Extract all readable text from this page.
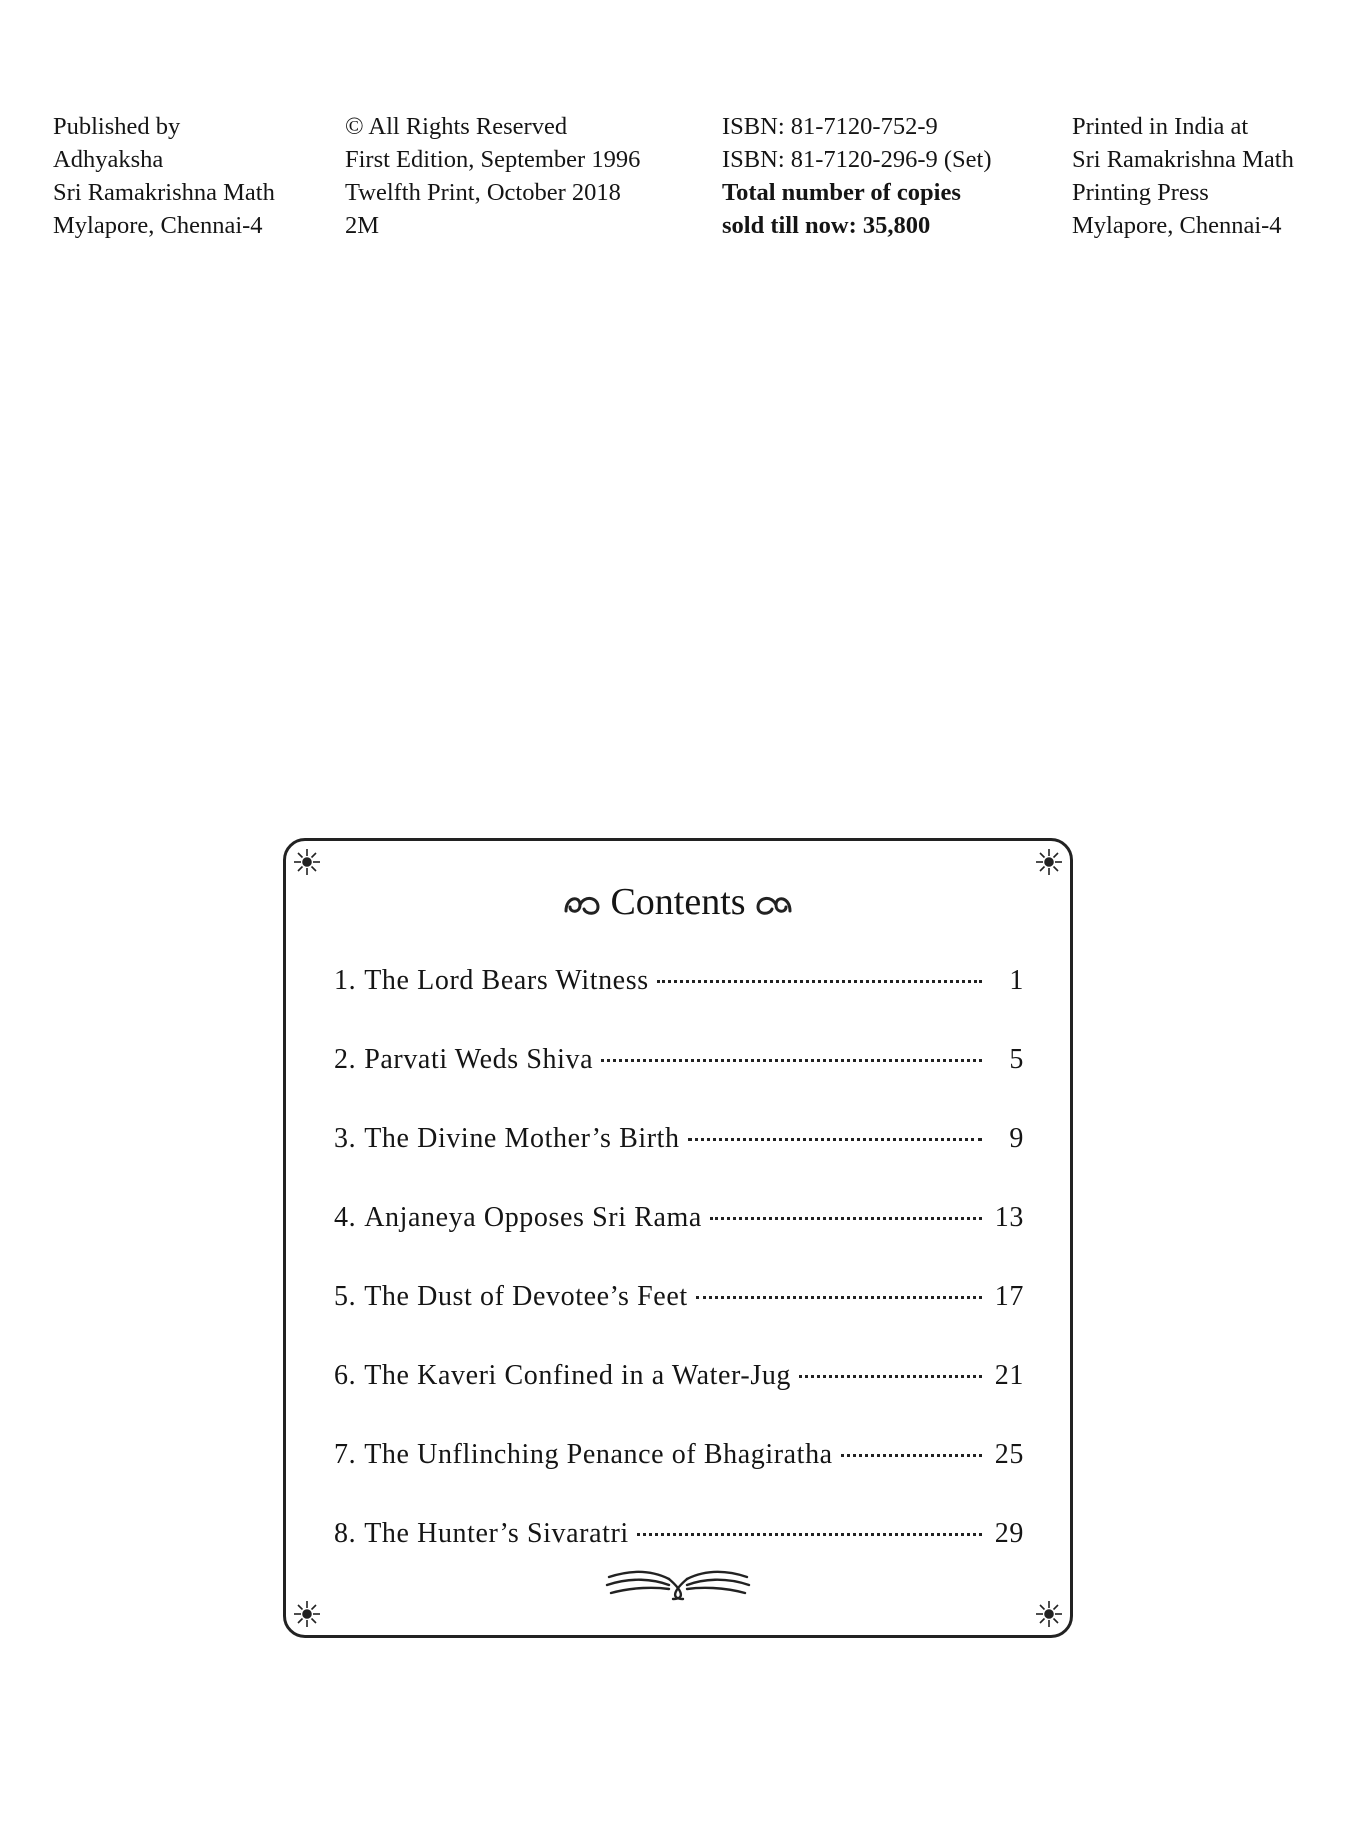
Published by
Adhyaksha
Sri Ramakrishna Math
Mylapore, Chennai-4
© All Rights Reserved
First Edition, September 1996
Twelfth Print, October 2018
2M
ISBN: 81-7120-752-9
ISBN: 81-7120-296-9 (Set)
Total number of copies
sold till now: 35,800
Printed in India at
Sri Ramakrishna Math
Printing Press
Mylapore, Chennai-4
Contents
1. The Lord Bears Witness	1
2. Parvati Weds Shiva	5
3. The Divine Mother’s Birth	9
4. Anjaneya Opposes Sri Rama	13
5. The Dust of Devotee’s Feet	17
6. The Kaveri Confined in a Water-Jug	21
7. The Unflinching Penance of Bhagiratha	25
8. The Hunter’s Sivaratri	29
